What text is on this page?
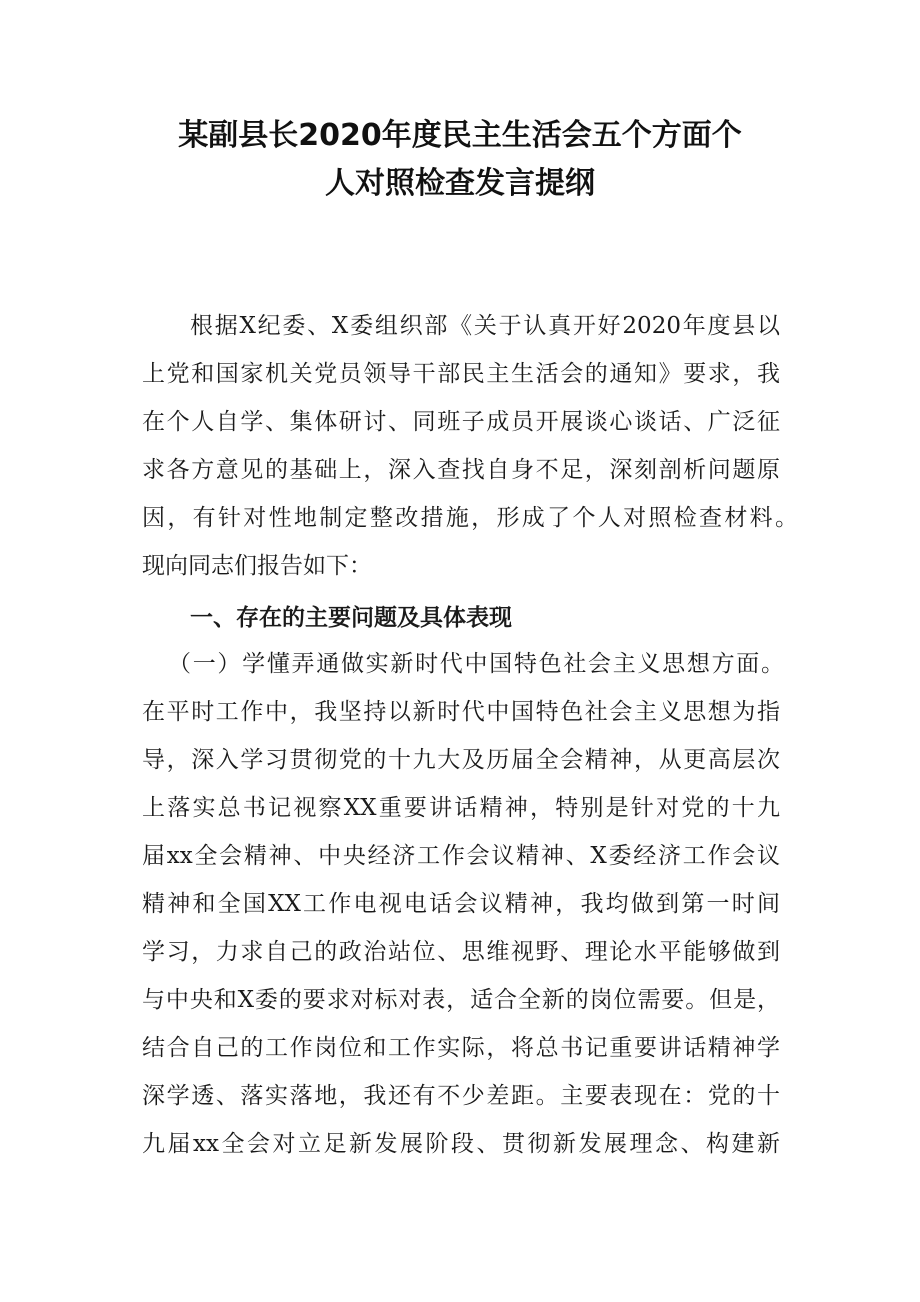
某副县长2020年度民主生活会五个方面个
人对照检查发言提纲
根据X纪委、X委组织部《关于认真开好2020年度县以
上党和国家机关党员领导干部民主生活会的通知》要求，我
在个人自学、集体研讨、同班子成员开展谈心谈话、广泛征
求各方意见的基础上，深入查找自身不足，深刻剖析问题原
因，有针对性地制定整改措施，形成了个人对照检查材料。
现向同志们报告如下：
一、存在的主要问题及具体表现
（一）学懂弄通做实新时代中国特色社会主义思想方面。
在平时工作中，我坚持以新时代中国特色社会主义思想为指
导，深入学习贯彻党的十九大及历届全会精神，从更高层次
上落实总书记视察XX重要讲话精神，特别是针对党的十九
届xx全会精神、中央经济工作会议精神、X委经济工作会议
精神和全国XX工作电视电话会议精神，我均做到第一时间
学习，力求自己的政治站位、思维视野、理论水平能够做到
与中央和X委的要求对标对表，适合全新的岗位需要。但是，
结合自己的工作岗位和工作实际，将总书记重要讲话精神学
深学透、落实落地，我还有不少差距。主要表现在：党的十
九届xx全会对立足新发展阶段、贯彻新发展理念、构建新
